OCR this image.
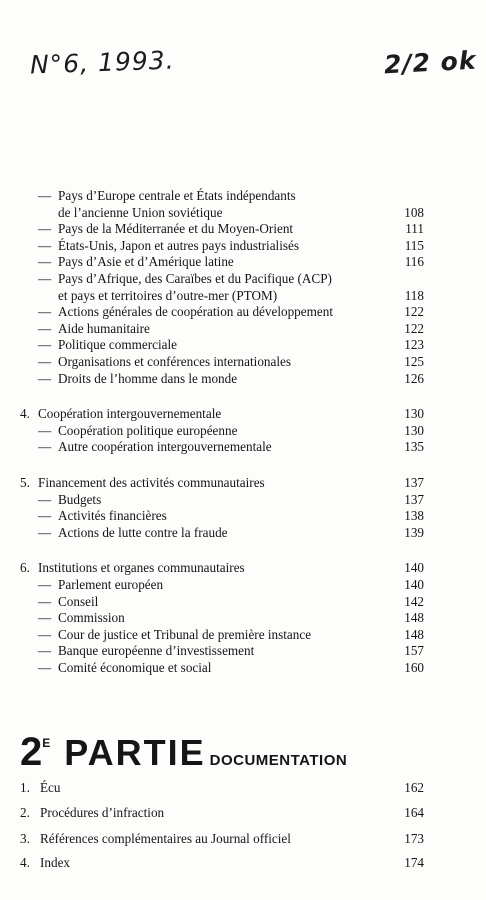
N°6, 1993.	2/2 ok
— Pays d’Europe centrale et États indépendants
de l’ancienne Union soviétique	108
— Pays de la Méditerranée et du Moyen-Orient	111
— États-Unis, Japon et autres pays industrialisés	115
— Pays d’Asie et d’Amérique latine	116
— Pays d’Afrique, des Caraïbes et du Pacifique (ACP)
et pays et territoires d’outre-mer (PTOM)	118
— Actions générales de coopération au développement	122
— Aide humanitaire	122
— Politique commerciale	123
— Organisations et conférences internationales	125
— Droits de l’homme dans le monde	126
4. Coopération intergouvernementale	130
— Coopération politique européenne	130
— Autre coopération intergouvernementale	135
5. Financement des activités communautaires	137
— Budgets	137
— Activités financières	138
— Actions de lutte contre la fraude	139
6. Institutions et organes communautaires	140
— Parlement européen	140
— Conseil	142
— Commission	148
— Cour de justice et Tribunal de première instance	148
— Banque européenne d’investissement	157
— Comité économique et social	160
$2^E$ PARTIE DOCUMENTATION
1. Écu	162
2. Procédures d’infraction	164
3. Références complémentaires au Journal officiel	173
4. Index	174
